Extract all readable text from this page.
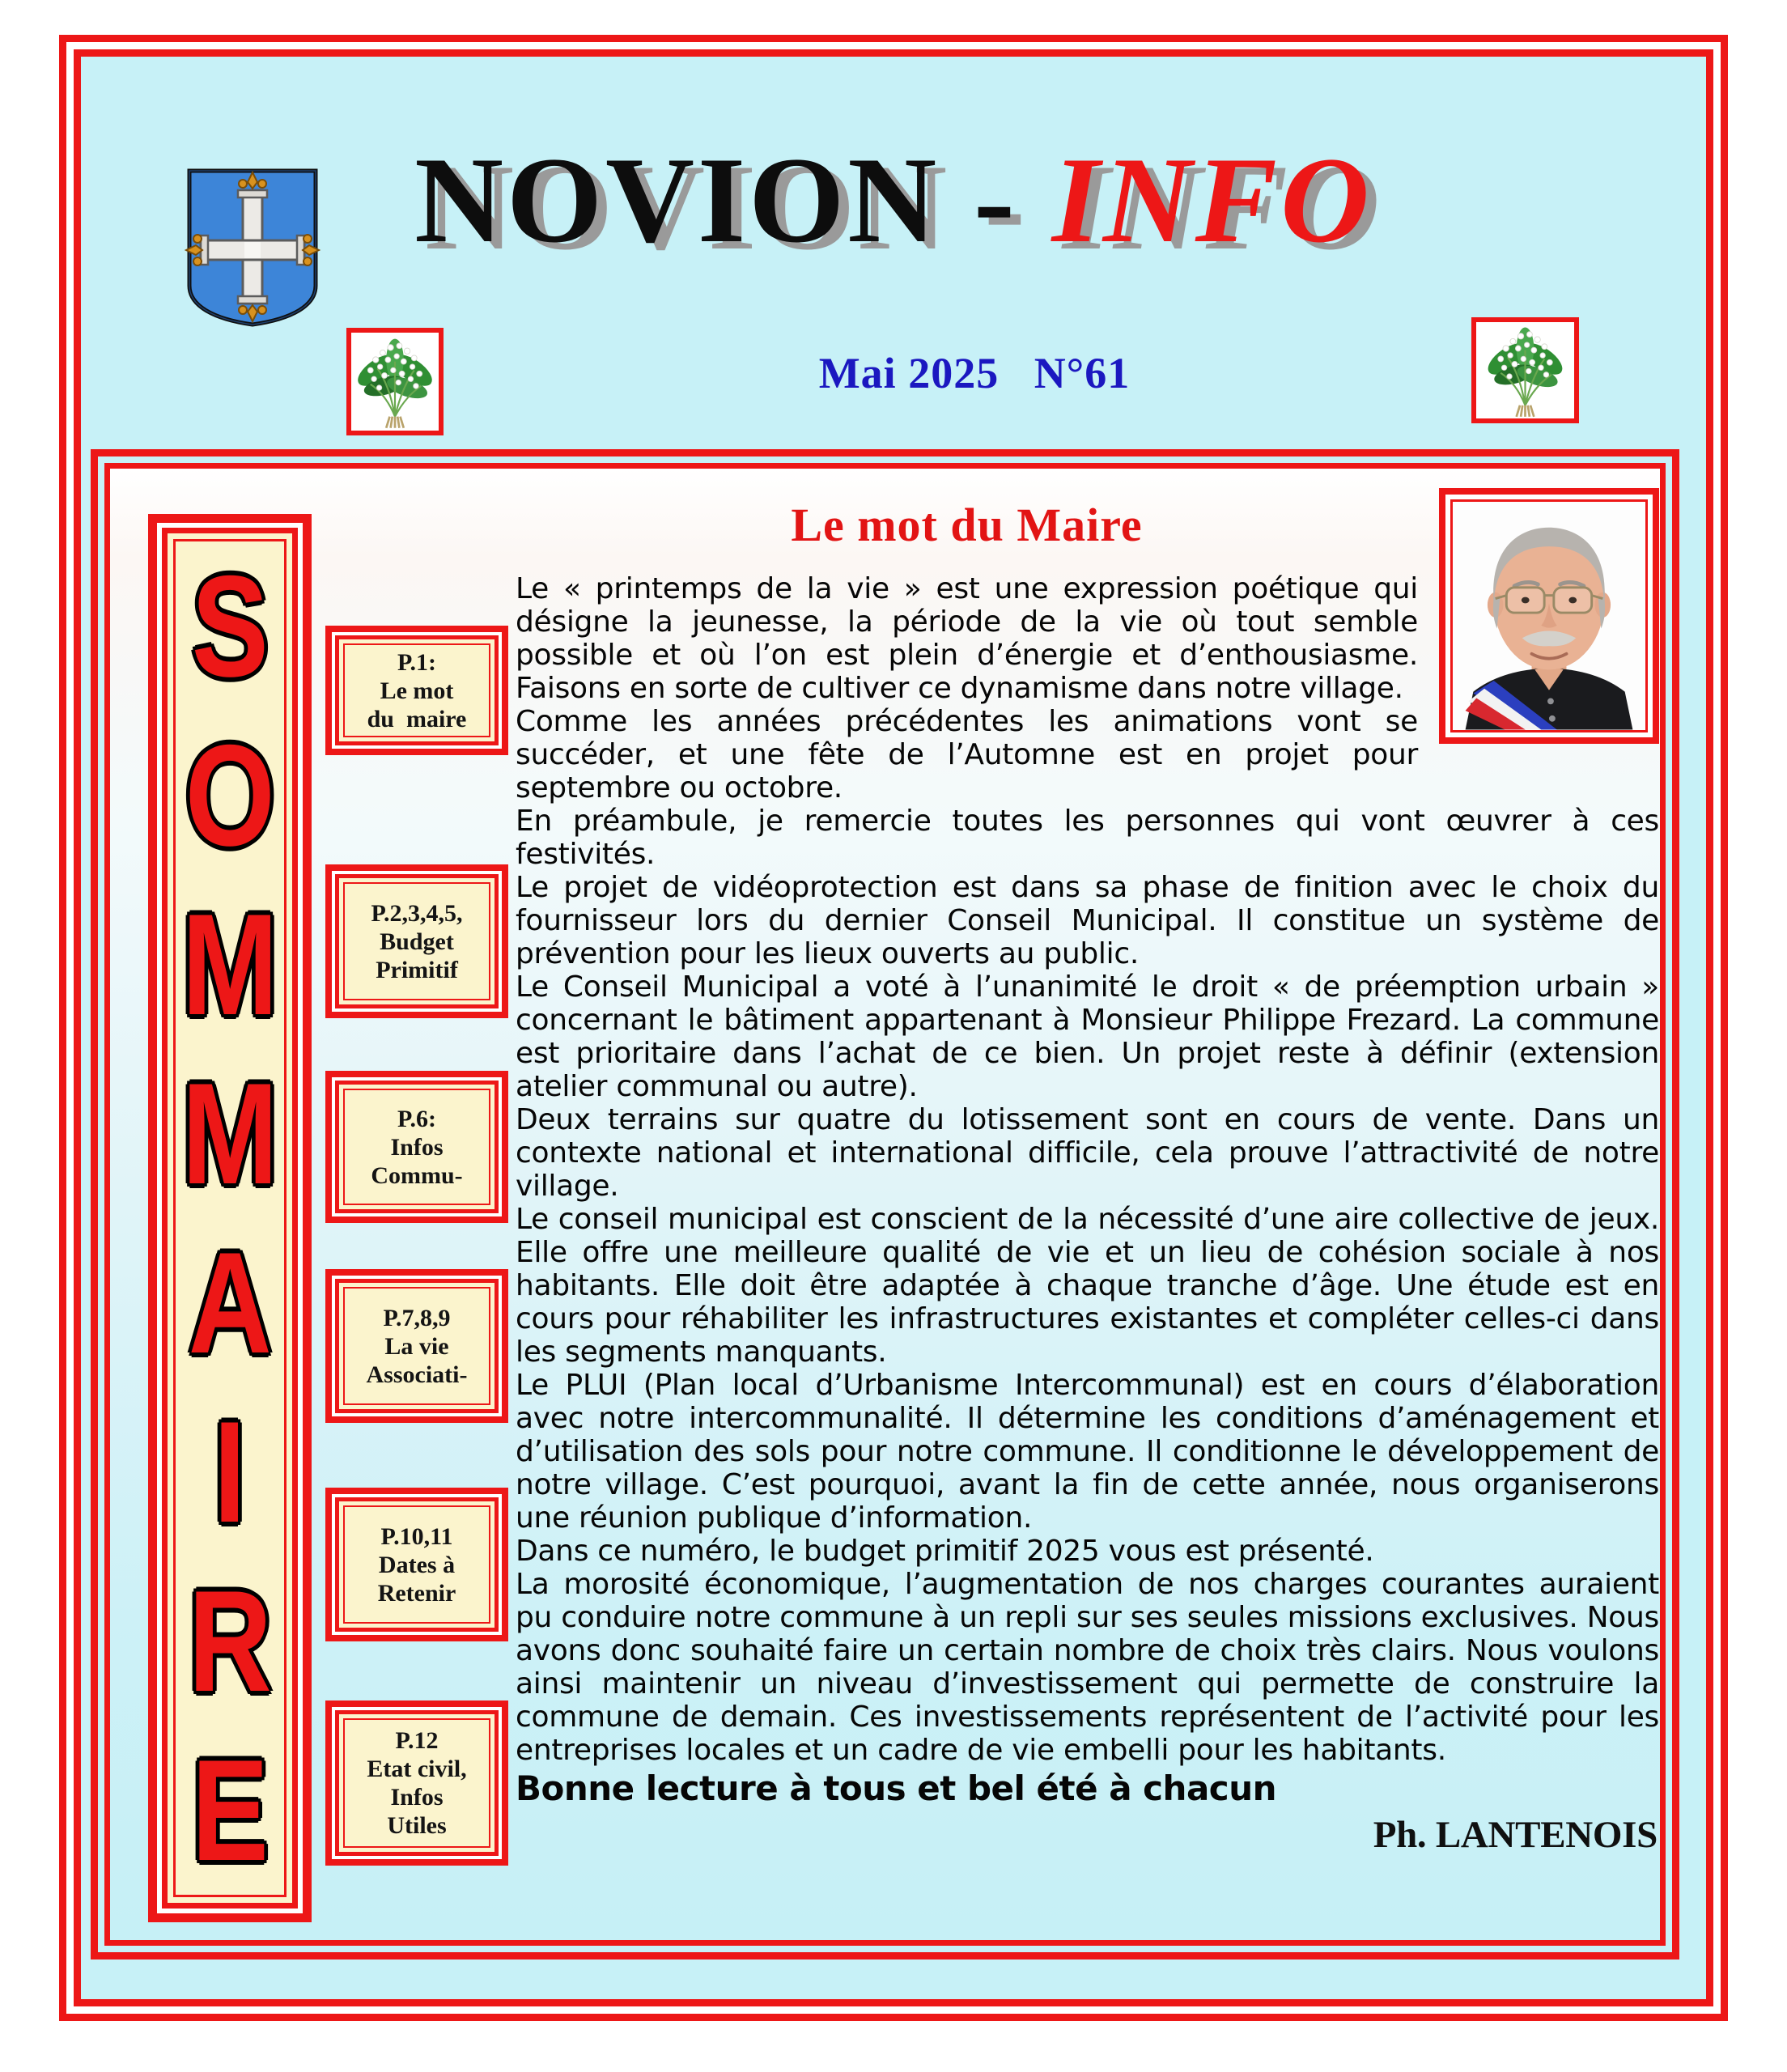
NOVION - INFO
Mai 2025   N°61
S
O
M
M
A
I
R
E
P.1:
Le mot
du  maire
P.2,3,4,5,
Budget
Primitif
P.6:
Infos
Commu-
P.7,8,9
La vie
Associati-
P.10,11
Dates à
Retenir
P.12
Etat civil,
Infos
Utiles
Le mot du Maire

Le « printemps de la vie » est une expression poétique qui désigne la jeunesse, la période de la vie où tout semble possible et où l’on est plein d’énergie et d’enthousiasme. Faisons en sorte de cultiver ce dynamisme dans notre village.

Comme les années précédentes les animations vont se succéder, et une fête de l’Automne est en projet pour septembre ou octobre.

En préambule, je remercie toutes les personnes qui vont œuvrer à ces festivités.

Le projet de vidéoprotection est dans sa phase de finition avec le choix du fournisseur lors du dernier Conseil Municipal. Il constitue un système de prévention pour les lieux ouverts au public.

Le Conseil Municipal a voté à l’unanimité le droit « de préemption urbain » concernant le bâtiment appartenant à Monsieur Philippe Frezard. La commune est prioritaire dans l’achat de ce bien. Un projet reste à définir (extension atelier communal ou autre).

Deux terrains sur quatre du lotissement sont en cours de vente. Dans un contexte national et international difficile, cela prouve l’attractivité de notre village.

Le conseil municipal est conscient de la nécessité d’une aire collective de jeux. Elle offre une meilleure qualité de vie et un lieu de cohésion sociale à nos habitants. Elle doit être adaptée à chaque tranche d’âge. Une étude est en cours pour réhabiliter les infrastructures existantes et compléter celles-ci dans les segments manquants.

Le PLUI (Plan local d’Urbanisme Intercommunal) est en cours d’élaboration avec notre intercommunalité. Il détermine les conditions d’aménagement et d’utilisation des sols pour notre commune. Il conditionne le développement de notre village. C’est pourquoi, avant la fin de cette année, nous organiserons une réunion publique d’information.

Dans ce numéro, le budget primitif 2025 vous est présenté.

La morosité économique, l’augmentation de nos charges courantes auraient pu conduire notre commune à un repli sur ses seules missions exclusives. Nous avons donc souhaité faire un certain nombre de choix très clairs. Nous voulons ainsi maintenir un niveau d’investissement qui permette de construire la commune de demain. Ces investissements représentent de l’activité pour les entreprises locales et un cadre de vie embelli pour les habitants.

Bonne lecture à tous et bel été à chacun
Ph. LANTENOIS
